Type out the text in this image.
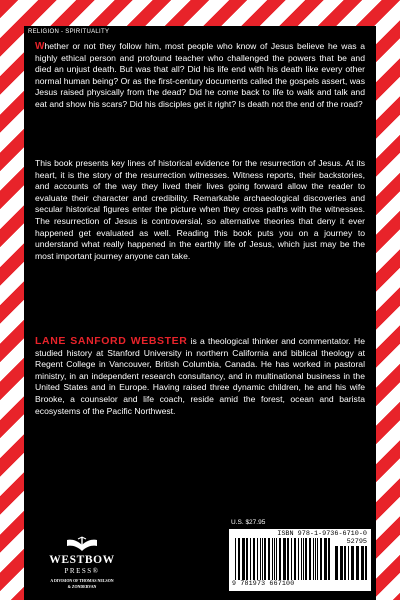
RELIGION - SPIRITUALITY
Whether or not they follow him, most people who know of Jesus believe he was a highly ethical person and profound teacher who challenged the powers that be and died an unjust death. But was that all? Did his life end with his death like every other normal human being? Or as the first-century documents called the gospels assert, was Jesus raised physically from the dead? Did he come back to life to walk and talk and eat and show his scars? Did his disciples get it right? Is death not the end of the road?
This book presents key lines of historical evidence for the resurrection of Jesus. At its heart, it is the story of the resurrection witnesses. Witness reports, their backstories, and accounts of the way they lived their lives going forward allow the reader to evaluate their character and credibility. Remarkable archaeological discoveries and secular historical figures enter the picture when they cross paths with the witnesses. The resurrection of Jesus is controversial, so alternative theories that deny it ever happened get evaluated as well. Reading this book puts you on a journey to understand what really happened in the earthly life of Jesus, which just may be the most important journey anyone can take.
LANE SANFORD WEBSTER is a theological thinker and commentator. He studied history at Stanford University in northern California and biblical theology at Regent College in Vancouver, British Columbia, Canada. He has worked in pastoral ministry, in an independent research consultancy, and in multinational business in the United States and in Europe. Having raised three dynamic children, he and his wife Brooke, a counselor and life coach, reside amid the forest, ocean and barista ecosystems of the Pacific Northwest.
WESTBOW
PRESS®
A DIVISION OF THOMAS NELSON
& ZONDERVAN
U.S. $27.95
ISBN 978-1-9736-6710-0
52795
9 781973 667100
